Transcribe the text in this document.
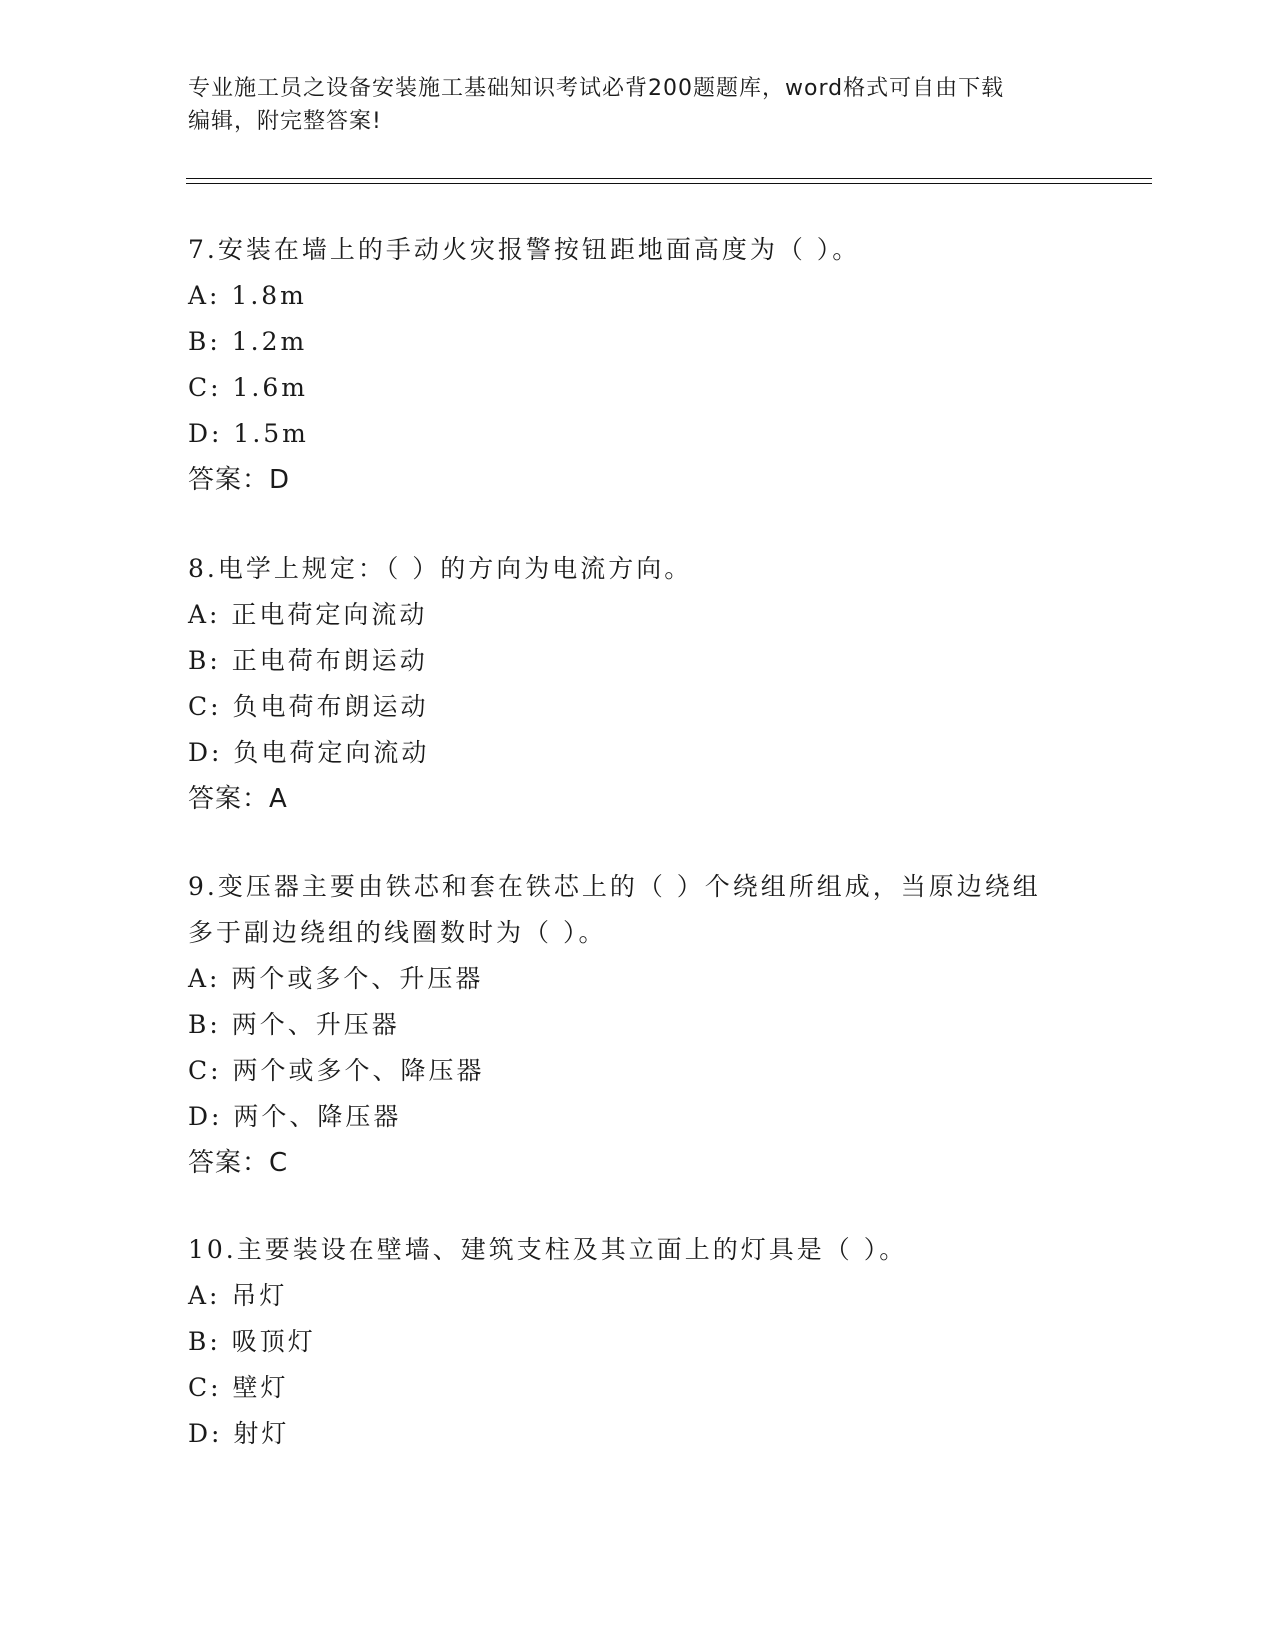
专业施工员之设备安装施工基础知识考试必背200题题库，word格式可自由下载
编辑，附完整答案!

7.安装在墙上的手动火灾报警按钮距地面高度为（ ）。

A: 1.8m

B: 1.2m

C: 1.6m

D: 1.5m

答案：D

8.电学上规定：（ ）的方向为电流方向。

A: 正电荷定向流动

B: 正电荷布朗运动

C: 负电荷布朗运动

D: 负电荷定向流动

答案：A

9.变压器主要由铁芯和套在铁芯上的（ ）个绕组所组成，当原边绕组

多于副边绕组的线圈数时为（ ）。

A: 两个或多个、升压器

B: 两个、升压器

C: 两个或多个、降压器

D: 两个、降压器

答案：C

10.主要装设在壁墙、建筑支柱及其立面上的灯具是（ ）。

A: 吊灯

B: 吸顶灯

C: 壁灯

D: 射灯
